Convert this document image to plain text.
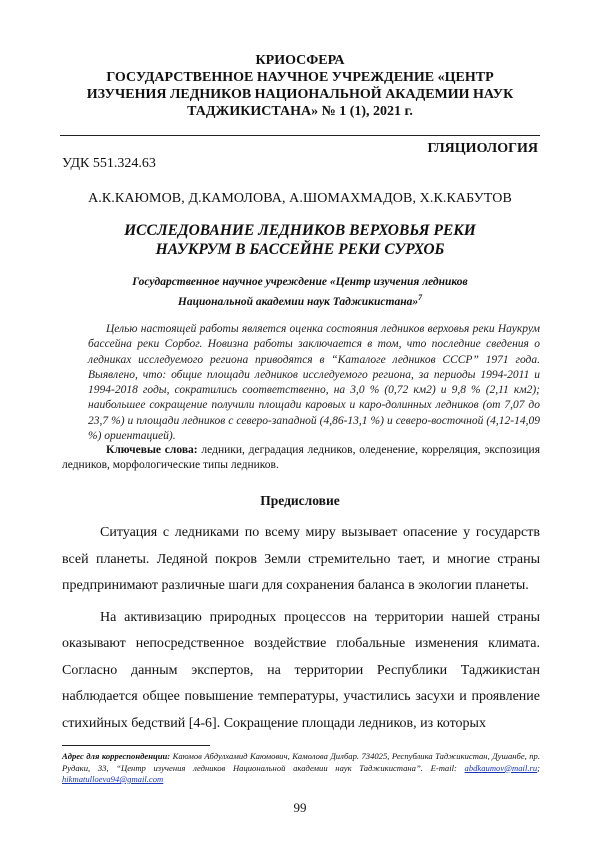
КРИОСФЕРА
ГОСУДАРСТВЕННОЕ НАУЧНОЕ УЧРЕЖДЕНИЕ «ЦЕНТР
ИЗУЧЕНИЯ ЛЕДНИКОВ НАЦИОНАЛЬНОЙ АКАДЕМИИ НАУК
ТАДЖИКИСТАНА» № 1 (1), 2021 г.
ГЛЯЦИОЛОГИЯ
УДК 551.324.63
А.К.КАЮМОВ, Д.КАМОЛОВА, А.ШОМАХМАДОВ, Х.К.КАБУТОВ
ИССЛЕДОВАНИЕ ЛЕДНИКОВ ВЕРХОВЬЯ РЕКИ
НАУКРУМ В БАССЕЙНЕ РЕКИ СУРХОБ
Государственное научное учреждение «Центр изучения ледников
Национальной академии наук Таджикистана»$^7$
Целью настоящей работы является оценка состояния ледников верховья реки Наукрум бассейна реки Сорбог. Новизна работы заключается в том, что последние сведения о ледниках исследуемого региона приводятся в “Каталоге ледников СССР” 1971 года. Выявлено, что: общие площади ледников исследуемого региона, за периоды 1994-2011 и 1994-2018 годы, сократились соответственно, на 3,0 % (0,72 км2) и 9,8 % (2,11 км2); наибольшее сокращение получили площади каровых и каро-долинных ледников (от 7,07 до 23,7 %) и площади ледников с северо-западной (4,86-13,1 %) и северо-восточной (4,12-14,09 %) ориентацией).
Ключевые слова: ледники, деградация ледников, оледенение, корреляция, экспозиция ледников, морфологические типы ледников.
Предисловие

Ситуация с ледниками по всему миру вызывает опасение у государств всей планеты. Ледяной покров Земли стремительно тает, и многие страны предпринимают различные шаги для сохранения баланса в экологии планеты.

На активизацию природных процессов на территории нашей страны оказывают непосредственное воздействие глобальные изменения климата. Согласно данным экспертов, на территории Республики Таджикистан наблюдается общее повышение температуры, участились засухи и проявление стихийных бедствий [4-6]. Сокращение площади ледников, из которых

Адрес для корреспонденции: Каюмов Абдулхамид Каюмович, Камолова Дилбар. 734025, Республика Таджикистан, Душанбе, пр. Рудаки, 33, “Центр изучения ледников Национальной академии наук Таджикистана”. E-mail: abdkaumov@mail.ru; hikmatulloeva94@gmail.com
99
